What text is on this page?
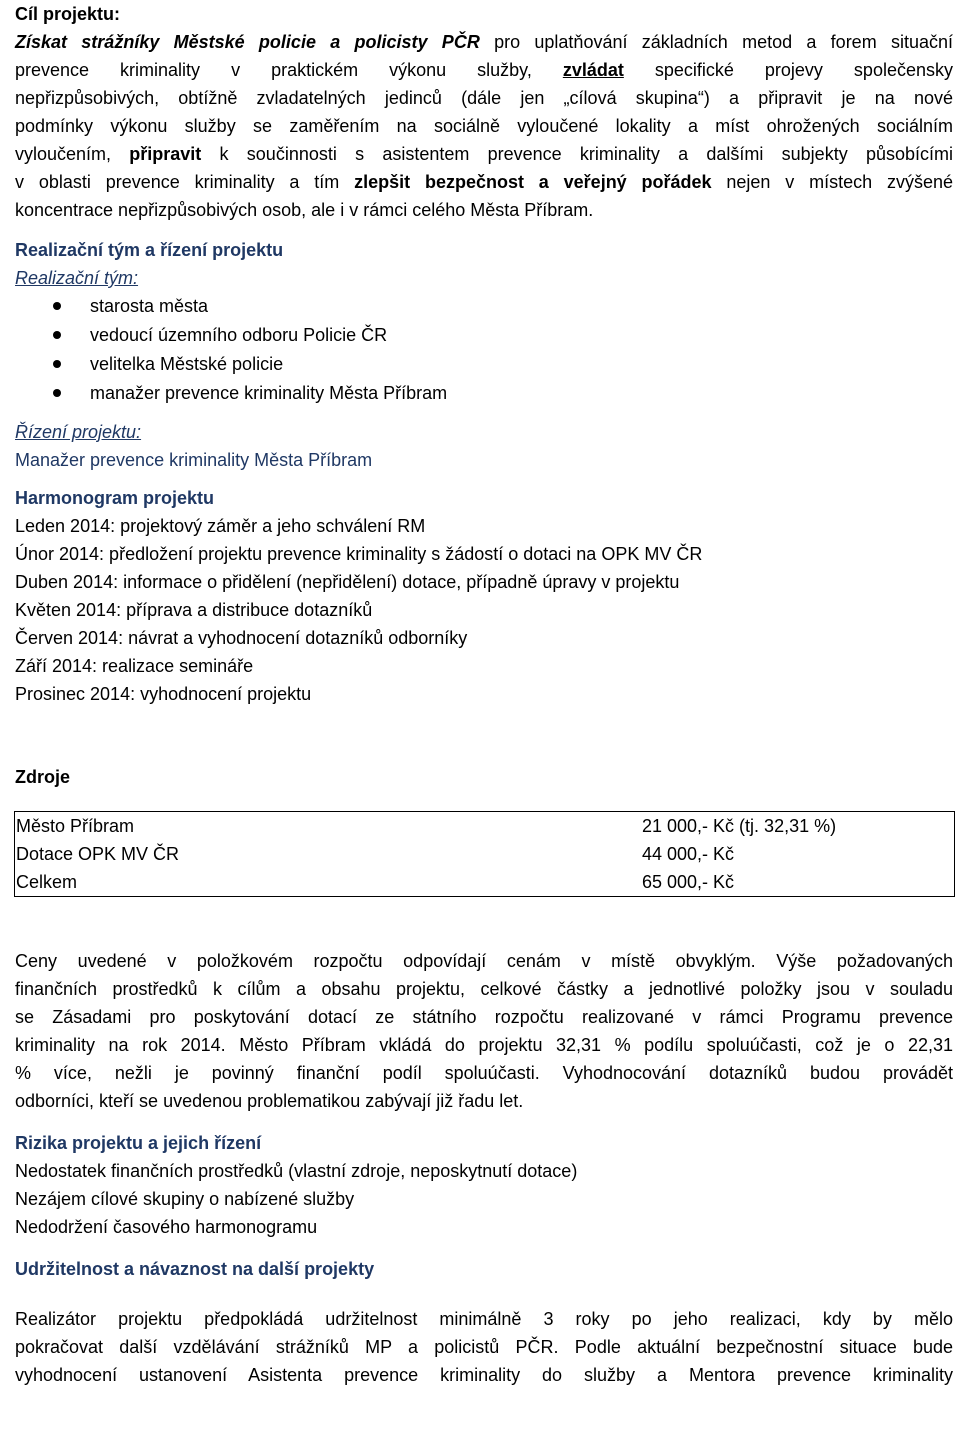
Cíl projektu:
Získat strážníky Městské policie a policisty PČR pro uplatňování základních metod a forem situační
prevence kriminality v praktickém výkonu služby, zvládat specifické projevy společensky
nepřizpůsobivých, obtížně zvladatelných jedinců (dále jen „cílová skupina“) a připravit je na nové
podmínky výkonu služby se zaměřením na sociálně vyloučené lokality a míst ohrožených sociálním
vyloučením, připravit k součinnosti s asistentem prevence kriminality a dalšími subjekty působícími
v oblasti prevence kriminality a tím zlepšit bezpečnost a veřejný pořádek nejen v místech zvýšené
koncentrace nepřizpůsobivých osob, ale i v rámci celého Města Příbram.
Realizační tým a řízení projektu
Realizační tým:
starosta města
vedoucí územního odboru Policie ČR
velitelka Městské policie
manažer prevence kriminality Města Příbram
Řízení projektu:
Manažer prevence kriminality Města Příbram
Harmonogram projektu
Leden 2014: projektový záměr a jeho schválení RM
Únor 2014: předložení projektu prevence kriminality s žádostí o dotaci na OPK MV ČR
Duben 2014: informace o přidělení (nepřidělení) dotace, případně úpravy v projektu
Květen 2014: příprava a distribuce dotazníků
Červen 2014: návrat a vyhodnocení dotazníků odborníky
Září 2014: realizace semináře
Prosinec 2014: vyhodnocení projektu
Zdroje
Město Příbram	21 000,- Kč (tj. 32,31 %)
Dotace OPK MV ČR	44 000,- Kč
Celkem	65 000,- Kč
Ceny uvedené v položkovém rozpočtu odpovídají cenám v místě obvyklým. Výše požadovaných
finančních prostředků k cílům a obsahu projektu, celkové částky a jednotlivé položky jsou v souladu
se Zásadami pro poskytování dotací ze státního rozpočtu realizované v rámci Programu prevence
kriminality na rok 2014. Město Příbram vkládá do projektu 32,31 % podílu spoluúčasti, což je o 22,31
% více, nežli je povinný finanční podíl spoluúčasti. Vyhodnocování dotazníků budou provádět
odborníci, kteří se uvedenou problematikou zabývají již řadu let.
Rizika projektu a jejich řízení
Nedostatek finančních prostředků (vlastní zdroje, neposkytnutí dotace)
Nezájem cílové skupiny o nabízené služby
Nedodržení časového harmonogramu
Udržitelnost a návaznost na další projekty
Realizátor projektu předpokládá udržitelnost minimálně 3 roky po jeho realizaci, kdy by mělo
pokračovat další vzdělávání strážníků MP a policistů PČR. Podle aktuální bezpečnostní situace bude
vyhodnocení ustanovení Asistenta prevence kriminality do služby a Mentora prevence kriminality
